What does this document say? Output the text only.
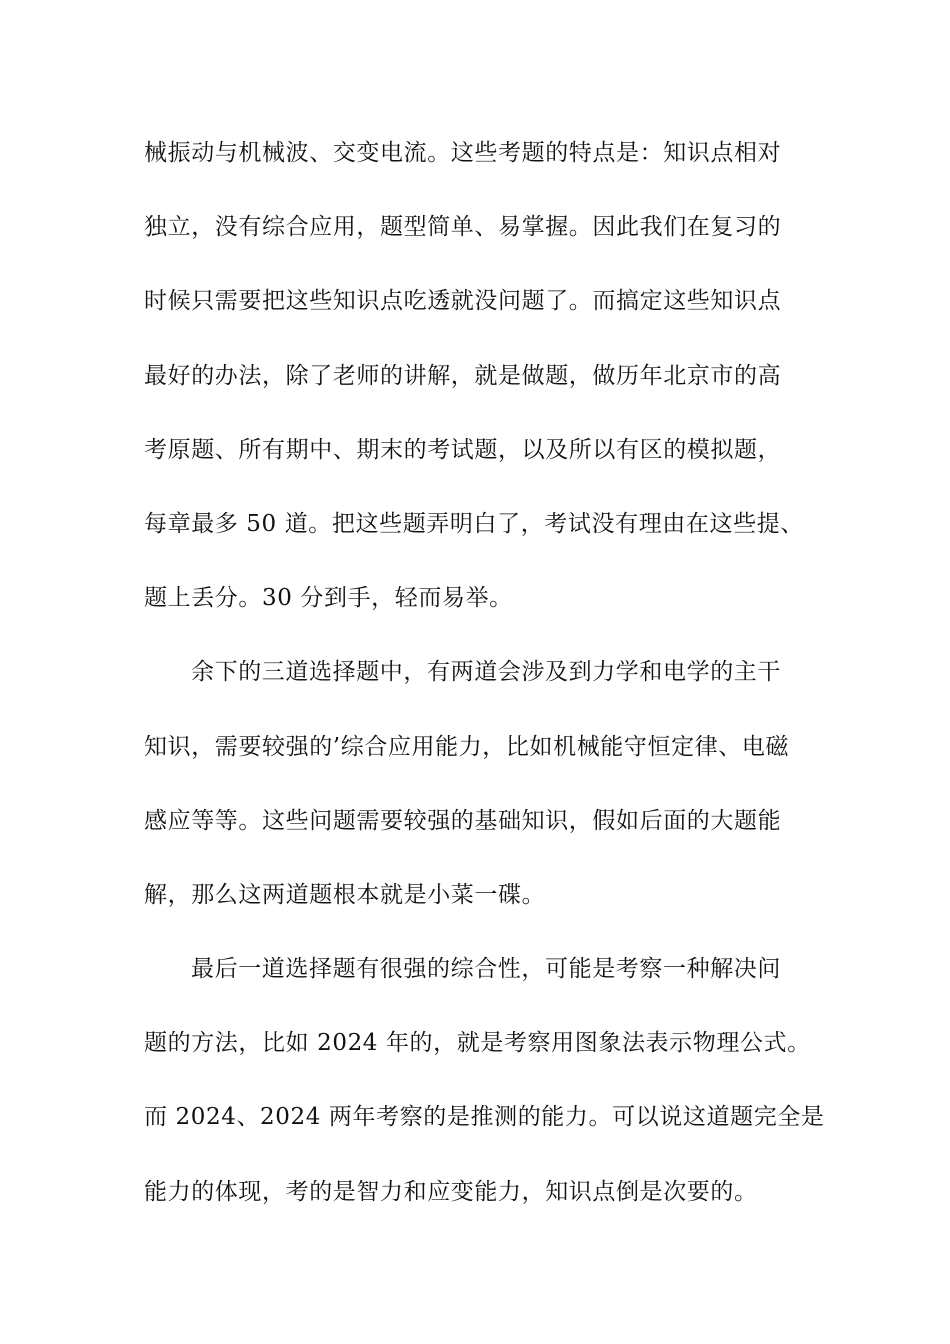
械振动与机械波、交变电流。这些考题的特点是：知识点相对
独立，没有综合应用，题型简单、易掌握。因此我们在复习的
时候只需要把这些知识点吃透就没问题了。而搞定这些知识点
最好的办法，除了老师的讲解，就是做题，做历年北京市的高
考原题、所有期中、期末的考试题，以及所以有区的模拟题，
每章最多 50 道。把这些题弄明白了，考试没有理由在这些提、
题上丢分。30 分到手，轻而易举。
余下的三道选择题中，有两道会涉及到力学和电学的主干
知识，需要较强的’综合应用能力，比如机械能守恒定律、电磁
感应等等。这些问题需要较强的基础知识，假如后面的大题能
解，那么这两道题根本就是小菜一碟。
最后一道选择题有很强的综合性，可能是考察一种解决问
题的方法，比如 2024 年的，就是考察用图象法表示物理公式。
而 2024、2024 两年考察的是推测的能力。可以说这道题完全是
能力的体现，考的是智力和应变能力，知识点倒是次要的。
